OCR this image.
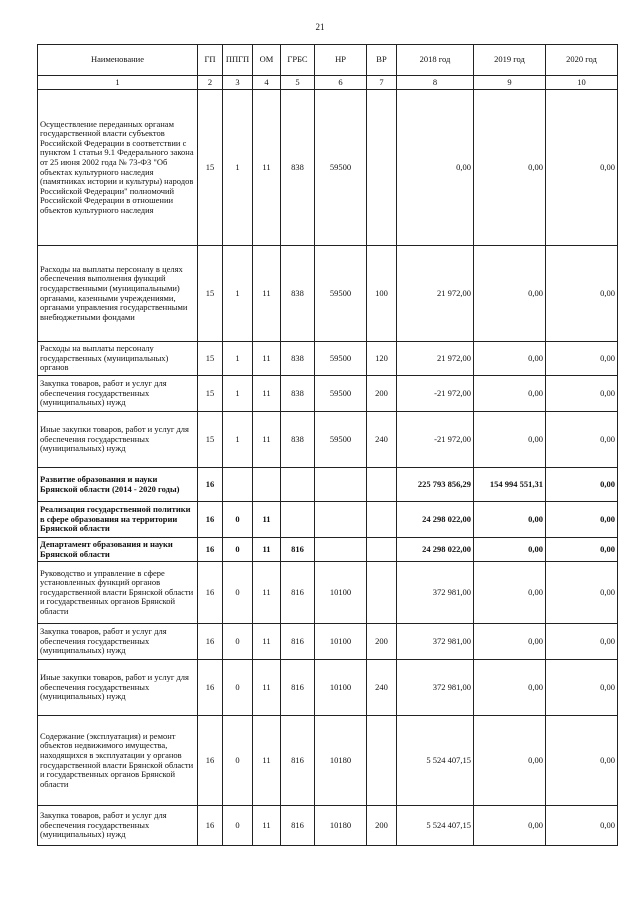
21
Наименование	ГП	ППГП	ОМ	ГРБС	НР	ВР	2018 год	2019 год	2020 год
1	2	3	4	5	6	7	8	9	10
Осуществление переданных органам государственной власти субъектов Российской Федерации в соответствии с пунктом 1 статьи 9.1 Федерального закона от 25 июня 2002 года № 73-ФЗ "Об объектах культурного наследия (памятниках истории и культуры) народов Российской Федерации" полномочий Российской Федерации в отношении объектов культурного наследия	15	1	11	838	59500		0,00	0,00	0,00
Расходы на выплаты персоналу в целях обеспечения выполнения функций государственными (муниципальными) органами, казенными учреждениями, органами управления государственными внебюджетными фондами	15	1	11	838	59500	100	21 972,00	0,00	0,00
Расходы на выплаты персоналу государственных (муниципальных) органов	15	1	11	838	59500	120	21 972,00	0,00	0,00
Закупка товаров, работ и услуг для обеспечения государственных (муниципальных) нужд	15	1	11	838	59500	200	-21 972,00	0,00	0,00
Иные закупки товаров, работ и услуг для обеспечения государственных (муниципальных) нужд	15	1	11	838	59500	240	-21 972,00	0,00	0,00
Развитие образования и науки Брянской области (2014 - 2020 годы)	16						225 793 856,29	154 994 551,31	0,00
Реализация государственной политики в сфере образования на территории Брянской области	16	0	11				24 298 022,00	0,00	0,00
Департамент образования и науки Брянской области	16	0	11	816			24 298 022,00	0,00	0,00
Руководство и управление в сфере установленных функций органов государственной власти Брянской области и государственных органов Брянской области	16	0	11	816	10100		372 981,00	0,00	0,00
Закупка товаров, работ и услуг для обеспечения государственных (муниципальных) нужд	16	0	11	816	10100	200	372 981,00	0,00	0,00
Иные закупки товаров, работ и услуг для обеспечения государственных (муниципальных) нужд	16	0	11	816	10100	240	372 981,00	0,00	0,00
Содержание (эксплуатация) и ремонт объектов недвижимого имущества, находящихся в эксплуатации у органов государственной власти Брянской области и государственных органов Брянской области	16	0	11	816	10180		5 524 407,15	0,00	0,00
Закупка товаров, работ и услуг для обеспечения государственных (муниципальных) нужд	16	0	11	816	10180	200	5 524 407,15	0,00	0,00
